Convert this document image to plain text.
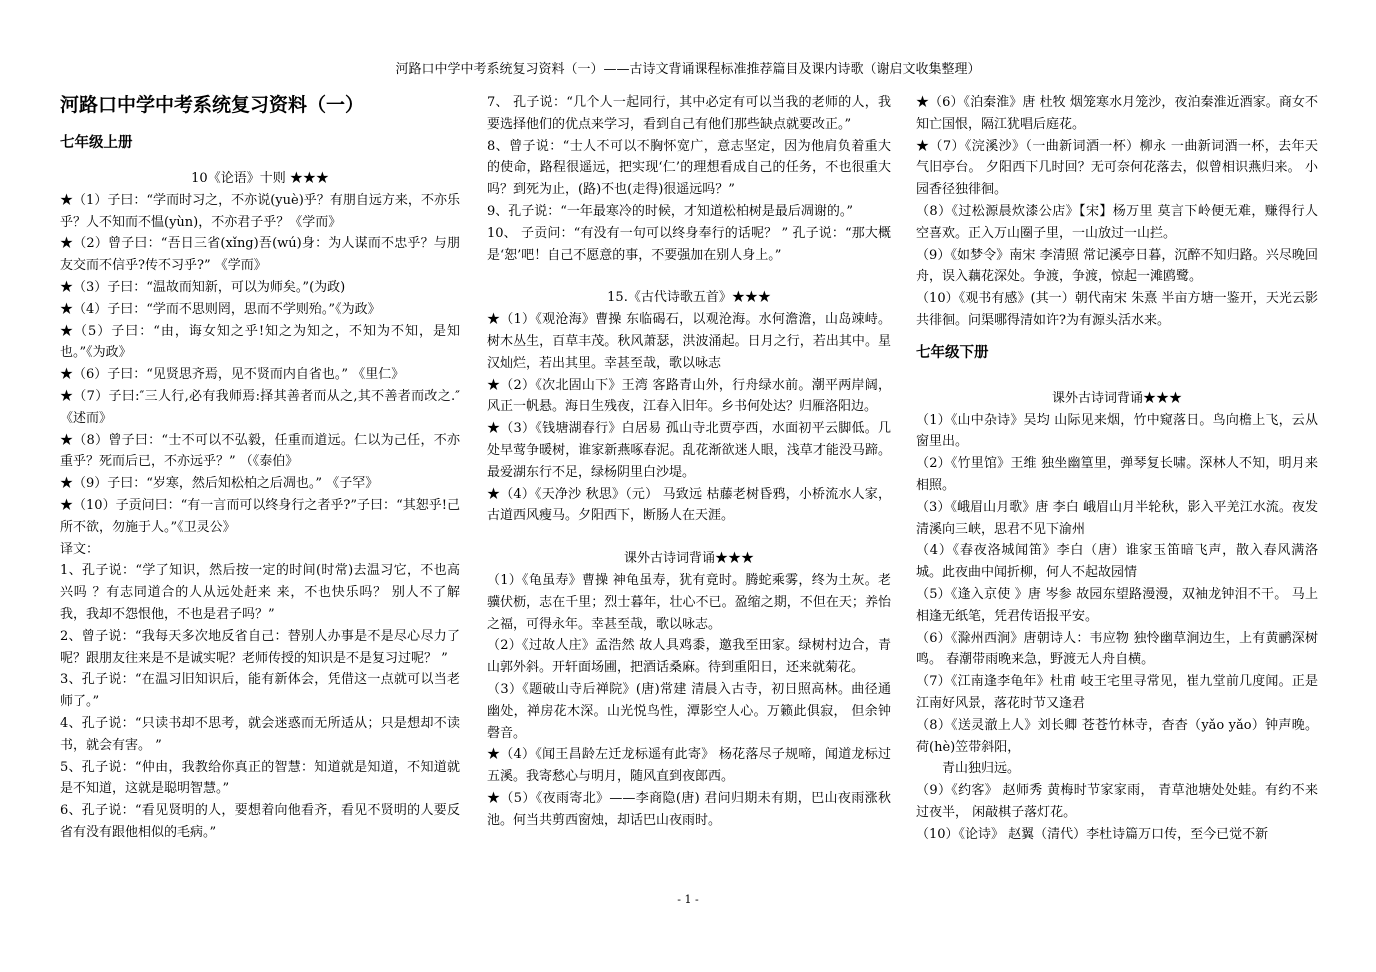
河路口中学中考系统复习资料（一）——古诗文背诵课程标准推荐篇目及课内诗歌（谢启文收集整理）

河路口中学中考系统复习资料（一）

七年级上册

10《论语》十则 ★★★

★（1）子曰：“学而时习之，不亦说(yuè)乎？有朋自远方来，不亦乐乎？人不知而不愠(yùn)，不亦君子乎？《学而》

★（2）曾子曰：“吾日三省(xǐng)吾(wú)身：为人谋而不忠乎？与朋友交而不信乎?传不习乎?” 《学而》

★（3）子曰：“温故而知新，可以为师矣。”(为政)

★（4）子曰：“学而不思则罔，思而不学则殆。”《为政》

★（5）子曰：“由，诲女知之乎!知之为知之，不知为不知，是知也。”《为政》

★（6）子曰：“见贤思齐焉，见不贤而内自省也。” 《里仁》

★（7）子曰:″三人行,必有我师焉:择其善者而从之,其不善者而改之.″《述而》

★（8）曾子曰：“士不可以不弘毅，任重而道远。仁以为己任，不亦重乎？死而后已，不亦远乎？” （《泰伯》

★（9）子曰：“岁寒，然后知松柏之后凋也。” 《子罕》

★（10）子贡问曰：“有一言而可以终身行之者乎?”子曰：“其恕乎!己所不欲，勿施于人。”《卫灵公》

译文：

1、孔子说：“学了知识，然后按一定的时间(时常)去温习它，不也高兴吗 ？有志同道合的人从远处赶来 来，不也快乐吗？ 别人不了解我，我却不怨恨他，不也是君子吗？”

2、曾子说：“我每天多次地反省自己：替别人办事是不是尽心尽力了呢？跟朋友往来是不是诚实呢？老师传授的知识是不是复习过呢？ ”

3、孔子说：“在温习旧知识后，能有新体会，凭借这一点就可以当老师了。”

4、孔子说：“只读书却不思考，就会迷惑而无所适从；只是想却不读书，就会有害。 ”

5、孔子说：“仲由，我教给你真正的智慧：知道就是知道，不知道就是不知道，这就是聪明智慧。”

6、孔子说：“看见贤明的人，要想着向他看齐，看见不贤明的人要反省有没有跟他相似的毛病。”

7、 孔子说：“几个人一起同行，其中必定有可以当我的老师的人，我要选择他们的优点来学习，看到自己有他们那些缺点就要改正。”

8、曾子说：“士人不可以不胸怀宽广，意志坚定，因为他肩负着重大的使命，路程很遥远，把实现‘仁’的理想看成自己的任务，不也很重大吗？到死为止，(路)不也(走得)很遥远吗？”

9、孔子说：“一年最寒冷的时候，才知道松柏树是最后凋谢的。”

10、 子贡问：“有没有一句可以终身奉行的话呢？ ” 孔子说：“那大概是‘恕’吧！自己不愿意的事，不要强加在别人身上。”

15.《古代诗歌五首》★★★

★（1）《观沧海》曹操 东临碣石，以观沧海。水何澹澹，山岛竦峙。树木丛生，百草丰茂。秋风萧瑟，洪波涌起。日月之行，若出其中。星汉灿烂，若出其里。幸甚至哉，歌以咏志

★（2）《次北固山下》王湾 客路青山外，行舟绿水前。潮平两岸阔，风正一帆悬。海日生残夜，江春入旧年。乡书何处达？归雁洛阳边。

★（3）《钱塘湖春行》白居易 孤山寺北贾亭西，水面初平云脚低。几处早莺争暖树，谁家新燕啄春泥。乱花渐欲迷人眼，浅草才能没马蹄。最爱湖东行不足，绿杨阴里白沙堤。

★（4）《天净沙 秋思》（元） 马致远 枯藤老树昏鸦，小桥流水人家，古道西风瘦马。夕阳西下，断肠人在天涯。

课外古诗词背诵★★★

（1）《龟虽寿》曹操 神龟虽寿，犹有竟时。腾蛇乘雾，终为土灰。老骥伏枥，志在千里；烈士暮年，壮心不已。盈缩之期，不但在天；养怡之福，可得永年。幸甚至哉，歌以咏志。

（2）《过故人庄》孟浩然 故人具鸡黍，邀我至田家。绿树村边合，青山郭外斜。开轩面场圃，把酒话桑麻。待到重阳日，还来就菊花。

（3）《题破山寺后禅院》(唐)常建 清晨入古寺，初日照高林。曲径通幽处，禅房花木深。山光悦鸟性，潭影空人心。万籁此俱寂， 但余钟磬音。

★（4）《闻王昌龄左迁龙标遥有此寄》 杨花落尽子规啼，闻道龙标过五溪。我寄愁心与明月，随风直到夜郎西。

★（5）《夜雨寄北》——李商隐(唐) 君问归期未有期，巴山夜雨涨秋池。何当共剪西窗烛，却话巴山夜雨时。

★（6）《泊秦淮》唐 杜牧 烟笼寒水月笼沙，夜泊秦淮近酒家。商女不知亡国恨，隔江犹唱后庭花。

★（7）《浣溪沙》（一曲新词酒一杯）柳永 一曲新词酒一杯，去年天气旧亭台。 夕阳西下几时回？无可奈何花落去，似曾相识燕归来。 小园香径独徘徊。

（8）《过松源晨炊漆公店》【宋】杨万里 莫言下岭便无难，赚得行人空喜欢。正入万山圈子里，一山放过一山拦。

（9）《如梦令》南宋 李清照 常记溪亭日暮，沉醉不知归路。兴尽晚回舟，误入藕花深处。争渡，争渡，惊起一滩鸥鹭。

（10）《观书有感》(其一）朝代南宋 朱熹 半亩方塘一鉴开，天光云影共徘徊。问渠哪得清如许?为有源头活水来。

七年级下册

课外古诗词背诵★★★

（1）《山中杂诗》吴均 山际见来烟，竹中窥落日。鸟向檐上飞，云从窗里出。

（2）《竹里馆》王维 独坐幽篁里，弹琴复长啸。深林人不知，明月来相照。

（3）《峨眉山月歌》唐 李白 峨眉山月半轮秋，影入平羌江水流。夜发清溪向三峡，思君不见下渝州

（4）《春夜洛城闻笛》李白（唐）谁家玉笛暗飞声，散入春风满洛城。此夜曲中闻折柳，何人不起故园情

（5）《逢入京使 》唐 岑参 故园东望路漫漫，双袖龙钟泪不干。 马上相逢无纸笔，凭君传语报平安。

（6）《滁州西涧》唐朝诗人：韦应物 独怜幽草涧边生，上有黄鹂深树鸣。 春潮带雨晚来急，野渡无人舟自横。

（7）《江南逢李龟年》杜甫 岐王宅里寻常见，崔九堂前几度闻。正是江南好风景，落花时节又逢君

（8）《送灵澈上人》刘长卿 苍苍竹林寺，杳杳（yǎo yǎo）钟声晚。 荷(hè)笠带斜阳，

青山独归远。

（9）《约客》 赵师秀 黄梅时节家家雨， 青草池塘处处蛙。有约不来过夜半， 闲敲棋子落灯花。

（10）《论诗》 赵翼（清代）李杜诗篇万口传，至今已觉不新

- 1 -
